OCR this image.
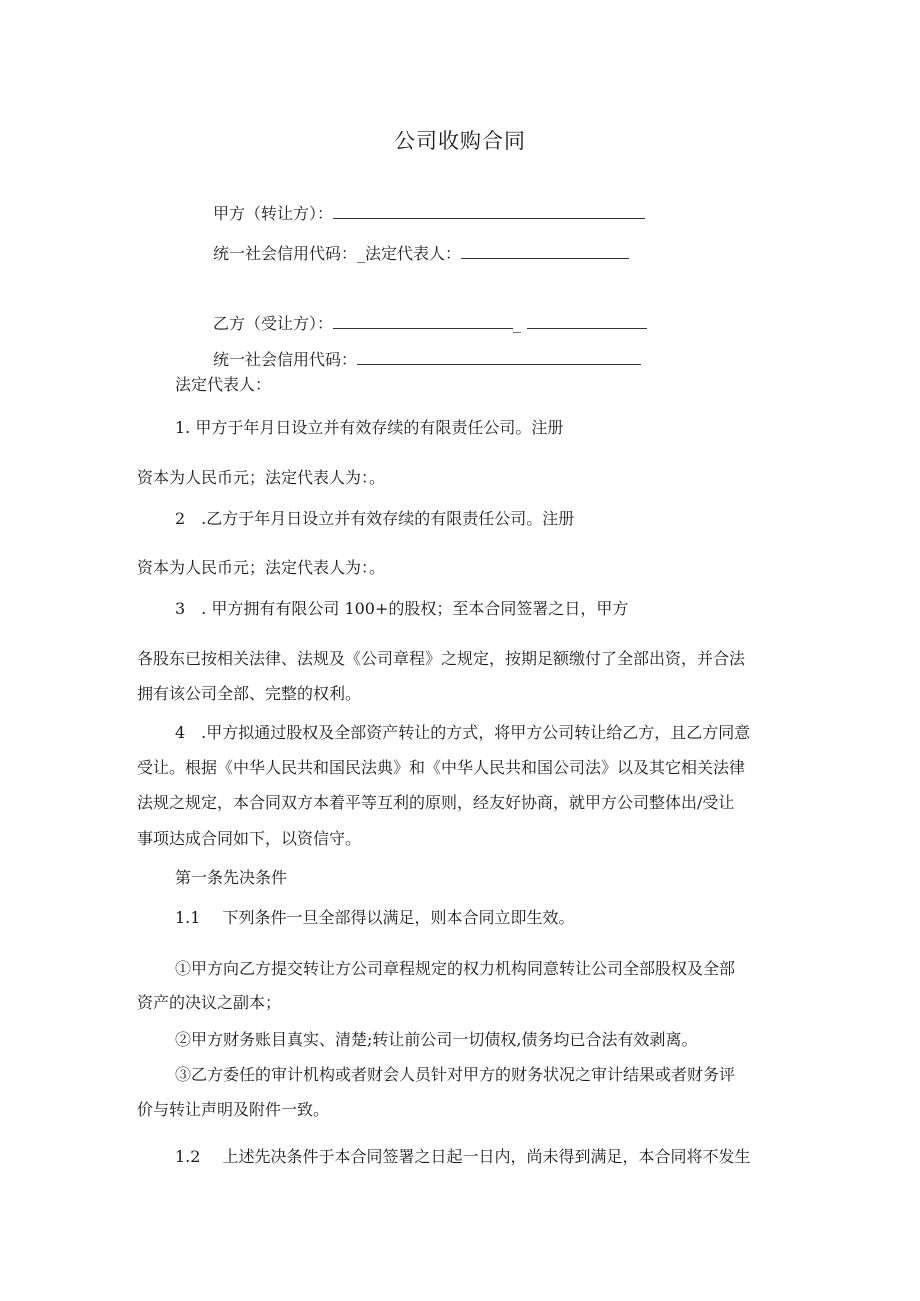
公司收购合同
甲方（转让方）：
统一社会信用代码：_法定代表人：
乙方（受让方）：	_
统一社会信用代码：
法定代表人：
1. 甲方于年月日设立并有效存续的有限责任公司。注册
资本为人民币元；法定代表人为：。
2　.乙方于年月日设立并有效存续的有限责任公司。注册
资本为人民币元；法定代表人为：。
3　. 甲方拥有有限公司 100+的股权；至本合同签署之日，甲方
各股东已按相关法律、法规及《公司章程》之规定，按期足额缴付了全部出资，并合法
拥有该公司全部、完整的权利。
4　.甲方拟通过股权及全部资产转让的方式，将甲方公司转让给乙方，且乙方同意
受让。根据《中华人民共和国民法典》和《中华人民共和国公司法》以及其它相关法律
法规之规定，本合同双方本着平等互利的原则，经友好协商，就甲方公司整体出/受让
事项达成合同如下，以资信守。
第一条先决条件
1.1 下列条件一旦全部得以满足，则本合同立即生效。
①甲方向乙方提交转让方公司章程规定的权力机构同意转让公司全部股权及全部
资产的决议之副本；
②甲方财务账目真实、清楚;转让前公司一切债权,债务均已合法有效剥离。
③乙方委任的审计机构或者财会人员针对甲方的财务状况之审计结果或者财务评
价与转让声明及附件一致。
1.2 上述先决条件于本合同签署之日起一日内，尚未得到满足，本合同将不发生
